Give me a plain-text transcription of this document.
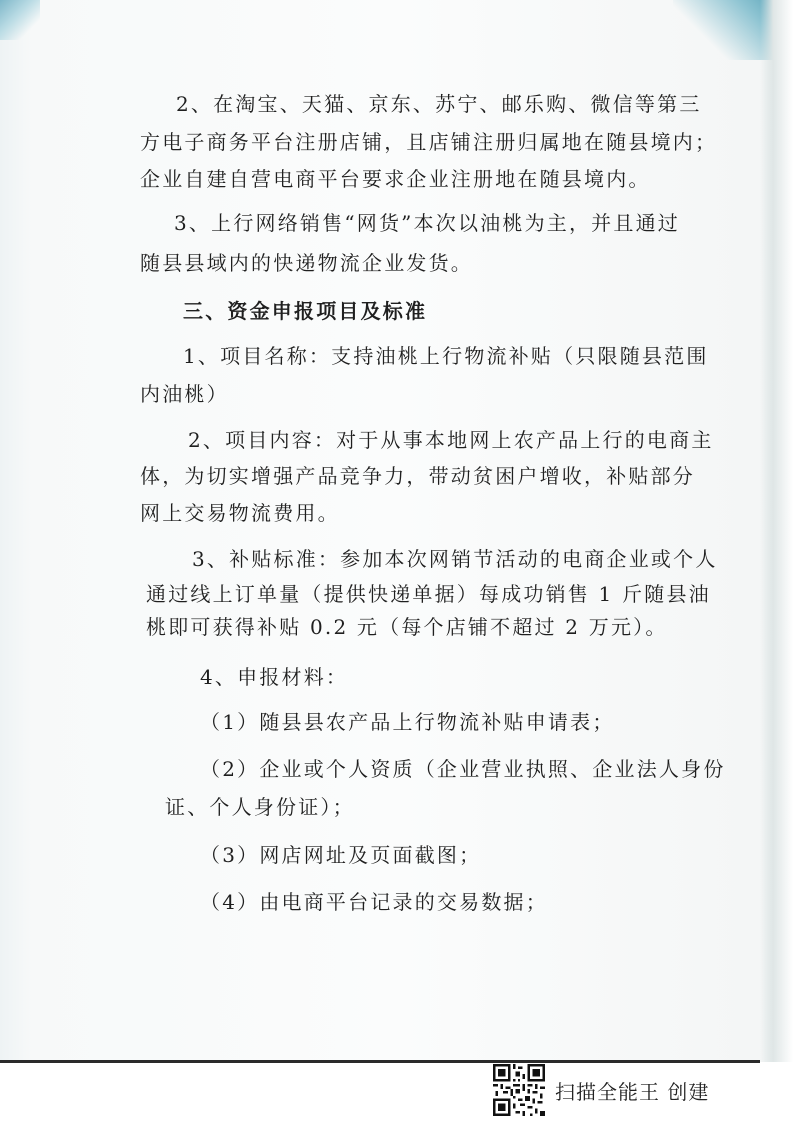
2、在淘宝、天猫、京东、苏宁、邮乐购、微信等第三
方电子商务平台注册店铺，且店铺注册归属地在随县境内；
企业自建自营电商平台要求企业注册地在随县境内。
3、上行网络销售“网货”本次以油桃为主，并且通过
随县县域内的快递物流企业发货。
三、资金申报项目及标准
1、项目名称：支持油桃上行物流补贴（只限随县范围
内油桃）
2、项目内容：对于从事本地网上农产品上行的电商主
体，为切实增强产品竞争力，带动贫困户增收，补贴部分
网上交易物流费用。
3、补贴标准：参加本次网销节活动的电商企业或个人
通过线上订单量（提供快递单据）每成功销售 1 斤随县油
桃即可获得补贴 0.2 元（每个店铺不超过 2 万元）。
4、申报材料：
（1）随县县农产品上行物流补贴申请表；
（2）企业或个人资质（企业营业执照、企业法人身份
证、个人身份证）；
（3）网店网址及页面截图；
（4）由电商平台记录的交易数据；
扫描全能王 创建
